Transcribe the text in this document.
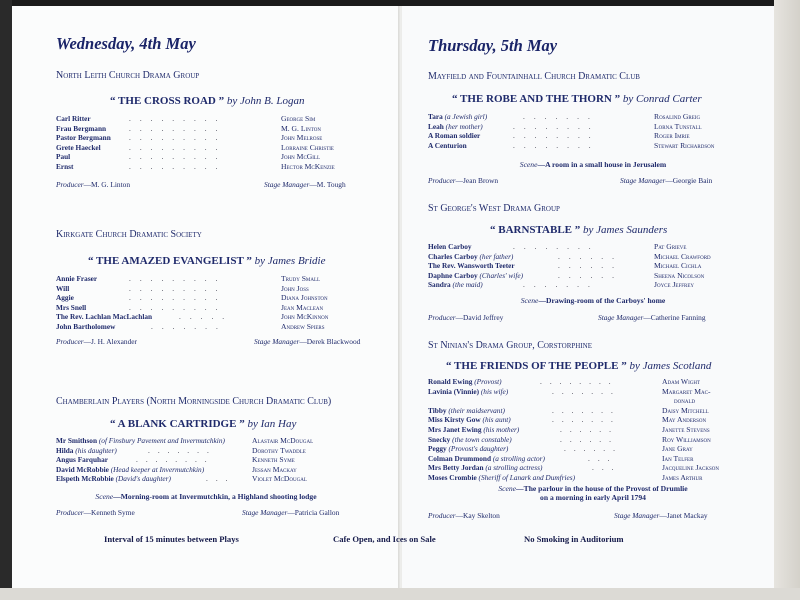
Wednesday, 4th May
North Leith Church Drama Group
“ THE CROSS ROAD ” by John B. Logan
Carl Ritter	.........	George Sim
Frau Bergmann	.........	M. G. Linton
Pastor Bergmann .........	John Melrose
Grete Haeckel	.........	Lorraine Christie
Paul	.........	John McGill
Ernst	.........	Hector McKenzie
Producer—M. G. Linton	Stage Manager—M. Tough
Kirkgate Church Dramatic Society
“ THE AMAZED EVANGELIST ” by James Bridie
Annie Fraser	.........	Trudy Small
Will	.........	John Joss
Aggie	.........	Diana Johnston
Mrs Snell	.........	Jean Maclean
The Rev. Lachlan MacLachlan	.....	John McKinnon
John Bartholomew	.......	Andrew Spiers
Producer—J. H. Alexander	Stage Manager—Derek Blackwood
Chamberlain Players (North Morningside Church Dramatic Club)
“ A BLANK CARTRIDGE ” by Ian Hay
Mr Smithson (of Finsbury Pavement and Invermutchkin)	Alastair McDougal
Hilda (his daughter)	.......	Dorothy Twaddle
Angus Farquhar	........	Kenneth Syme
David McRobbie (Head keeper at Invermutchkin)	Jessan Mackay
Elspeth McRobbie (David's daughter)	... Violet McDougal
Scene—Morning-room at Invermutchkin, a Highland shooting lodge
Producer—Kenneth Syme	Stage Manager—Patricia Gallon
Interval of 15 minutes between Plays
Thursday, 5th May
Mayfield and Fountainhall Church Dramatic Club
“ THE ROBE AND THE THORN ” by Conrad Carter
Tara (a Jewish girl)	.......	Rosalind Greig
Leah (her mother)	........	Lorna Tunstall
A Roman soldier	........	Roger Imrie
A Centurion	........	Stewart Richardson
Scene—A room in a small house in Jerusalem
Producer—Jean Brown	Stage Manager—Georgie Bain
St George's West Drama Group
“ BARNSTABLE ” by James Saunders
Helen Carboy	........	Pat Grieve
Charles Carboy (her father)	......	Michael Crawford
The Rev. Wansworth Teeter	......	Michael Cichla
Daphne Carboy (Charles' wife)	......	Sheena Nicolson
Sandra (the maid)	.......	Joyce Jeffrey
Scene—Drawing-room of the Carboys' home
Producer—David Jeffrey	Stage Manager—Catherine Fanning
St Ninian's Drama Group, Corstorphine
“ THE FRIENDS OF THE PEOPLE ” by James Scotland
Ronald Ewing (Provost)	........	Adam Wight
Lavinia (Vinnie) (his wife)	.......	Margaret Mac-
donald
Tibby (their maidservant)	.......	Daisy Mitchell
Miss Kirsty Gow (his aunt)	.......	May Anderson
Mrs Janet Ewing (his mother)	......	Janette Stevens
Snecky (the town constable)	......	Roy Williamson
Peggy (Provost's daughter)	......	Jane Gray
Colman Drummond (a strolling actor)	...	Ian Telfer
Mrs Betty Jordan (a strolling actress)	...	Jacqueline Jackson
Moses Crombie (Sheriff of Lanark and Dumfries)	James Arthur
Scene—The parlour in the house of the Provost of Drumlie
on a morning in early April 1794
Producer—Kay Skelton	Stage Manager—Janet Mackay
No Smoking in Auditorium
Cafe Open, and Ices on Sale
